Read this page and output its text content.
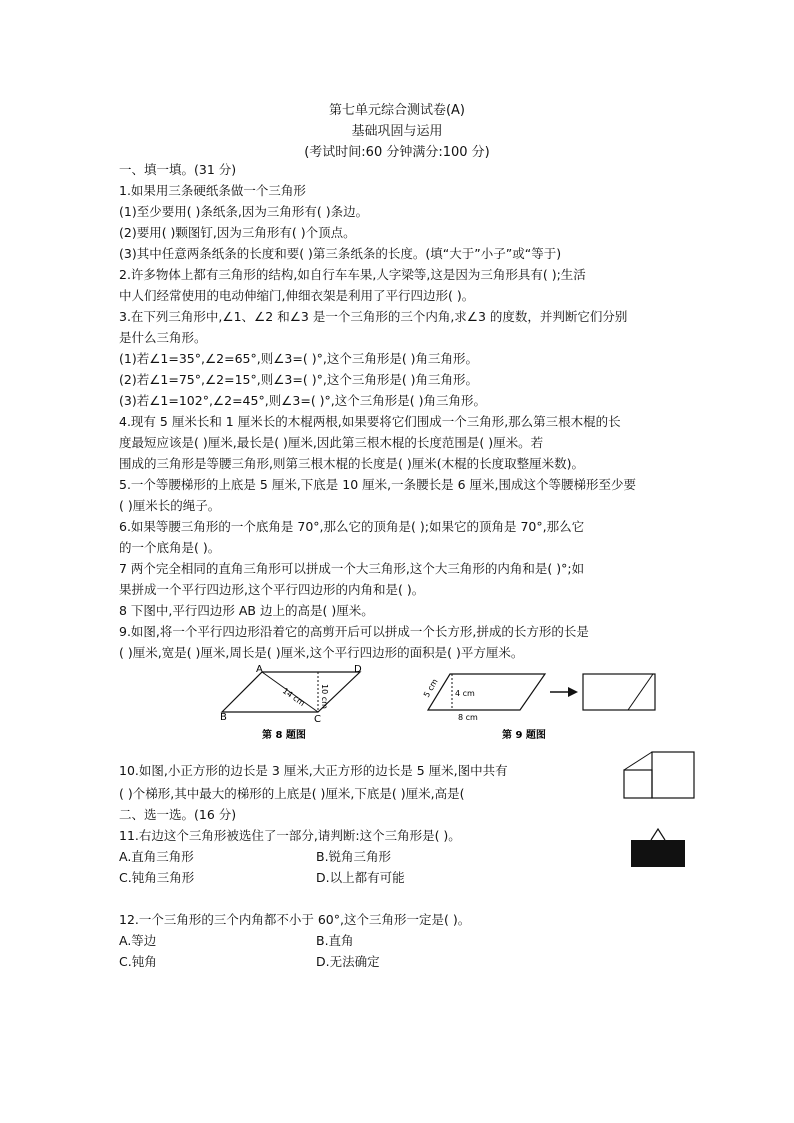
第七单元综合测试卷(A)
基础巩固与运用
(考试时间:60 分钟满分:100 分)
一、填一填。(31 分)
1.如果用三条硬纸条做一个三角形
(1)至少要用( )条纸条,因为三角形有( )条边。
(2)要用( )颗图钉,因为三角形有( )个顶点。
(3)其中任意两条纸条的长度和要( )第三条纸条的长度。(填“大于”小子”或“等于)
2.许多物体上都有三角形的结构,如自行车车果,人字梁等,这是因为三角形具有( );生活
中人们经常使用的电动伸缩门,伸细衣架是利用了平行四边形( )。
3.在下列三角形中,∠1、∠2 和∠3 是一个三角形的三个内角,求∠3 的度数，并判断它们分别
是什么三角形。
(1)若∠1=35°,∠2=65°,则∠3=( )°,这个三角形是( )角三角形。
(2)若∠1=75°,∠2=15°,则∠3=( )°,这个三角形是( )角三角形。
(3)若∠1=102°,∠2=45°,则∠3=( )°,这个三角形是( )角三角形。
4.现有 5 厘米长和 1 厘米长的木棍两根,如果要将它们围成一个三角形,那么第三根木棍的长
度最短应该是( )厘米,最长是( )厘米,因此第三根木棍的长度范围是( )厘米。若
围成的三角形是等腰三角形,则第三根木棍的长度是( )厘米(木棍的长度取整厘米数)。
5.一个等腰梯形的上底是 5 厘米,下底是 10 厘米,一条腰长是 6 厘米,围成这个等腰梯形至少要
( )厘米长的绳子。
6.如果等腰三角形的一个底角是 70°,那么它的顶角是( );如果它的顶角是 70°,那么它
的一个底角是( )。
7 两个完全相同的直角三角形可以拼成一个大三角形,这个大三角形的内角和是( )°;如
果拼成一个平行四边形,这个平行四边形的内角和是( )。
8 下图中,平行四边形 AB 边上的高是( )厘米。
9.如图,将一个平行四边形沿着它的高剪开后可以拼成一个长方形,拼成的长方形的长是
( )厘米,宽是( )厘米,周长是( )厘米,这个平行四边形的面积是( )平方厘米。
A
B	C
D
14 cm 10 cm
第 8 题图
5 cm 4 cm
8 cm
第 9 题图
10.如图,小正方形的边长是 3 厘米,大正方形的边长是 5 厘米,图中共有
( )个梯形,其中最大的梯形的上底是( )厘米,下底是( )厘米,高是(
二、选一选。(16 分)
11.右边这个三角形被选住了一部分,请判断:这个三角形是( )。
A.直角三角形	B.锐角三角形
C.钝角三角形	D.以上都有可能
12.一个三角形的三个内角都不小于 60°,这个三角形一定是( )。
A.等边	B.直角
C.钝角	D.无法确定
